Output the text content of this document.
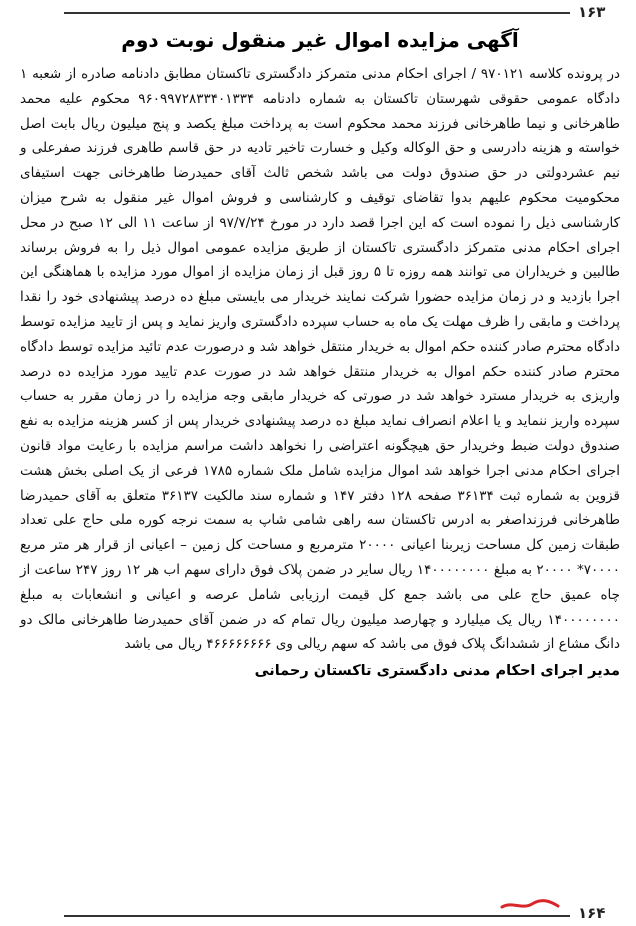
۱۶۳
آگهی مزایده اموال غیر منقول نوبت دوم

در پرونده کلاسه ۹۷۰۱۲۱ / اجرای احکام مدنی متمرکز دادگستری تاکستان مطابق دادنامه صادره از شعبه ۱ دادگاه عمومی حقوقی شهرستان تاکستان به شماره دادنامه ۹۶۰۹۹۷۲۸۳۳۴۰۱۳۳۴ محکوم علیه محمد طاهرخانی و نیما طاهرخانی فرزند محمد محکوم است به پرداخت مبلغ یکصد و پنج میلیون ریال بابت اصل خواسته و هزینه دادرسی و حق الوکاله وکیل و خسارت تاخیر تادیه در حق قاسم طاهری فرزند صفرعلی و نیم عشردولتی در حق صندوق دولت می باشد شخص ثالث آقای حمیدرضا طاهرخانی جهت استیفای محکومیت محکوم علیهم بدوا تقاضای توقیف و کارشناسی و فروش اموال غیر منقول به شرح میزان کارشناسی ذیل را نموده است که این اجرا قصد دارد در مورخ ۹۷/۷/۲۴ از ساعت ۱۱ الی ۱۲ صبح در محل اجرای احکام مدنی متمرکز دادگستری تاکستان از طریق مزایده عمومی اموال ذیل را به فروش برساند طالبین و خریداران می توانند همه روزه تا ۵ روز قبل از زمان مزایده از اموال مورد مزایده با هماهنگی این اجرا بازدید و در زمان مزایده حضورا شرکت نمایند خریدار می بایستی مبلغ ده درصد پیشنهادی خود را نقدا پرداخت و مابقی را ظرف مهلت یک ماه به حساب سپرده دادگستری واریز نماید و پس از تایید مزایده توسط دادگاه محترم صادر کننده حکم اموال به خریدار منتقل خواهد شد و درصورت عدم تائید مزایده توسط دادگاه محترم صادر کننده حکم اموال به خریدار منتقل خواهد شد در صورت عدم تایید مورد مزایده ده درصد واریزی به خریدار مسترد خواهد شد در صورتی که خریدار مابقی وجه مزایده را در زمان مقرر به حساب سپرده واریز ننماید و یا اعلام انصراف نماید مبلغ ده درصد پیشنهادی خریدار پس از کسر هزینه مزایده به نفع صندوق دولت ضبط وخریدار حق هیچگونه اعتراضی را نخواهد داشت مراسم مزایده با رعایت مواد قانون اجرای احکام مدنی اجرا خواهد شد اموال مزایده شامل ملک شماره ۱۷۸۵ فرعی از یک اصلی بخش هشت قزوین به شماره ثبت ۳۶۱۳۴ صفحه ۱۲۸ دفتر ۱۴۷ و شماره سند مالکیت ۳۶۱۳۷ متعلق به آقای حمیدرضا طاهرخانی فرزنداصغر به ادرس تاکستان سه راهی شامی شاپ به سمت نرجه کوره ملی حاج علی تعداد طبقات زمین کل مساحت زیربنا اعیانی ۲۰۰۰۰ مترمربع و مساحت کل زمین – اعیانی از قرار هر متر مربع ۷۰۰۰۰* ۲۰۰۰۰ به مبلغ ۱۴۰۰۰۰۰۰۰۰ ریال سایر در ضمن پلاک فوق دارای سهم اب هر ۱۲ روز ۲۴۷ ساعت از چاه عمیق حاج علی می باشد جمع کل قیمت ارزیابی شامل عرصه و اعیانی و انشعابات به مبلغ ۱۴۰۰۰۰۰۰۰۰ ریال یک میلیارد و چهارصد میلیون ریال تمام که در ضمن آقای حمیدرضا طاهرخانی مالک دو دانگ مشاع از ششدانگ پلاک فوق می باشد که سهم ریالی وی ۴۶۶۶۶۶۶۶۶ ریال می باشد

مدیر اجرای احکام مدنی دادگستری تاکستان رحمانی
۱۶۴
